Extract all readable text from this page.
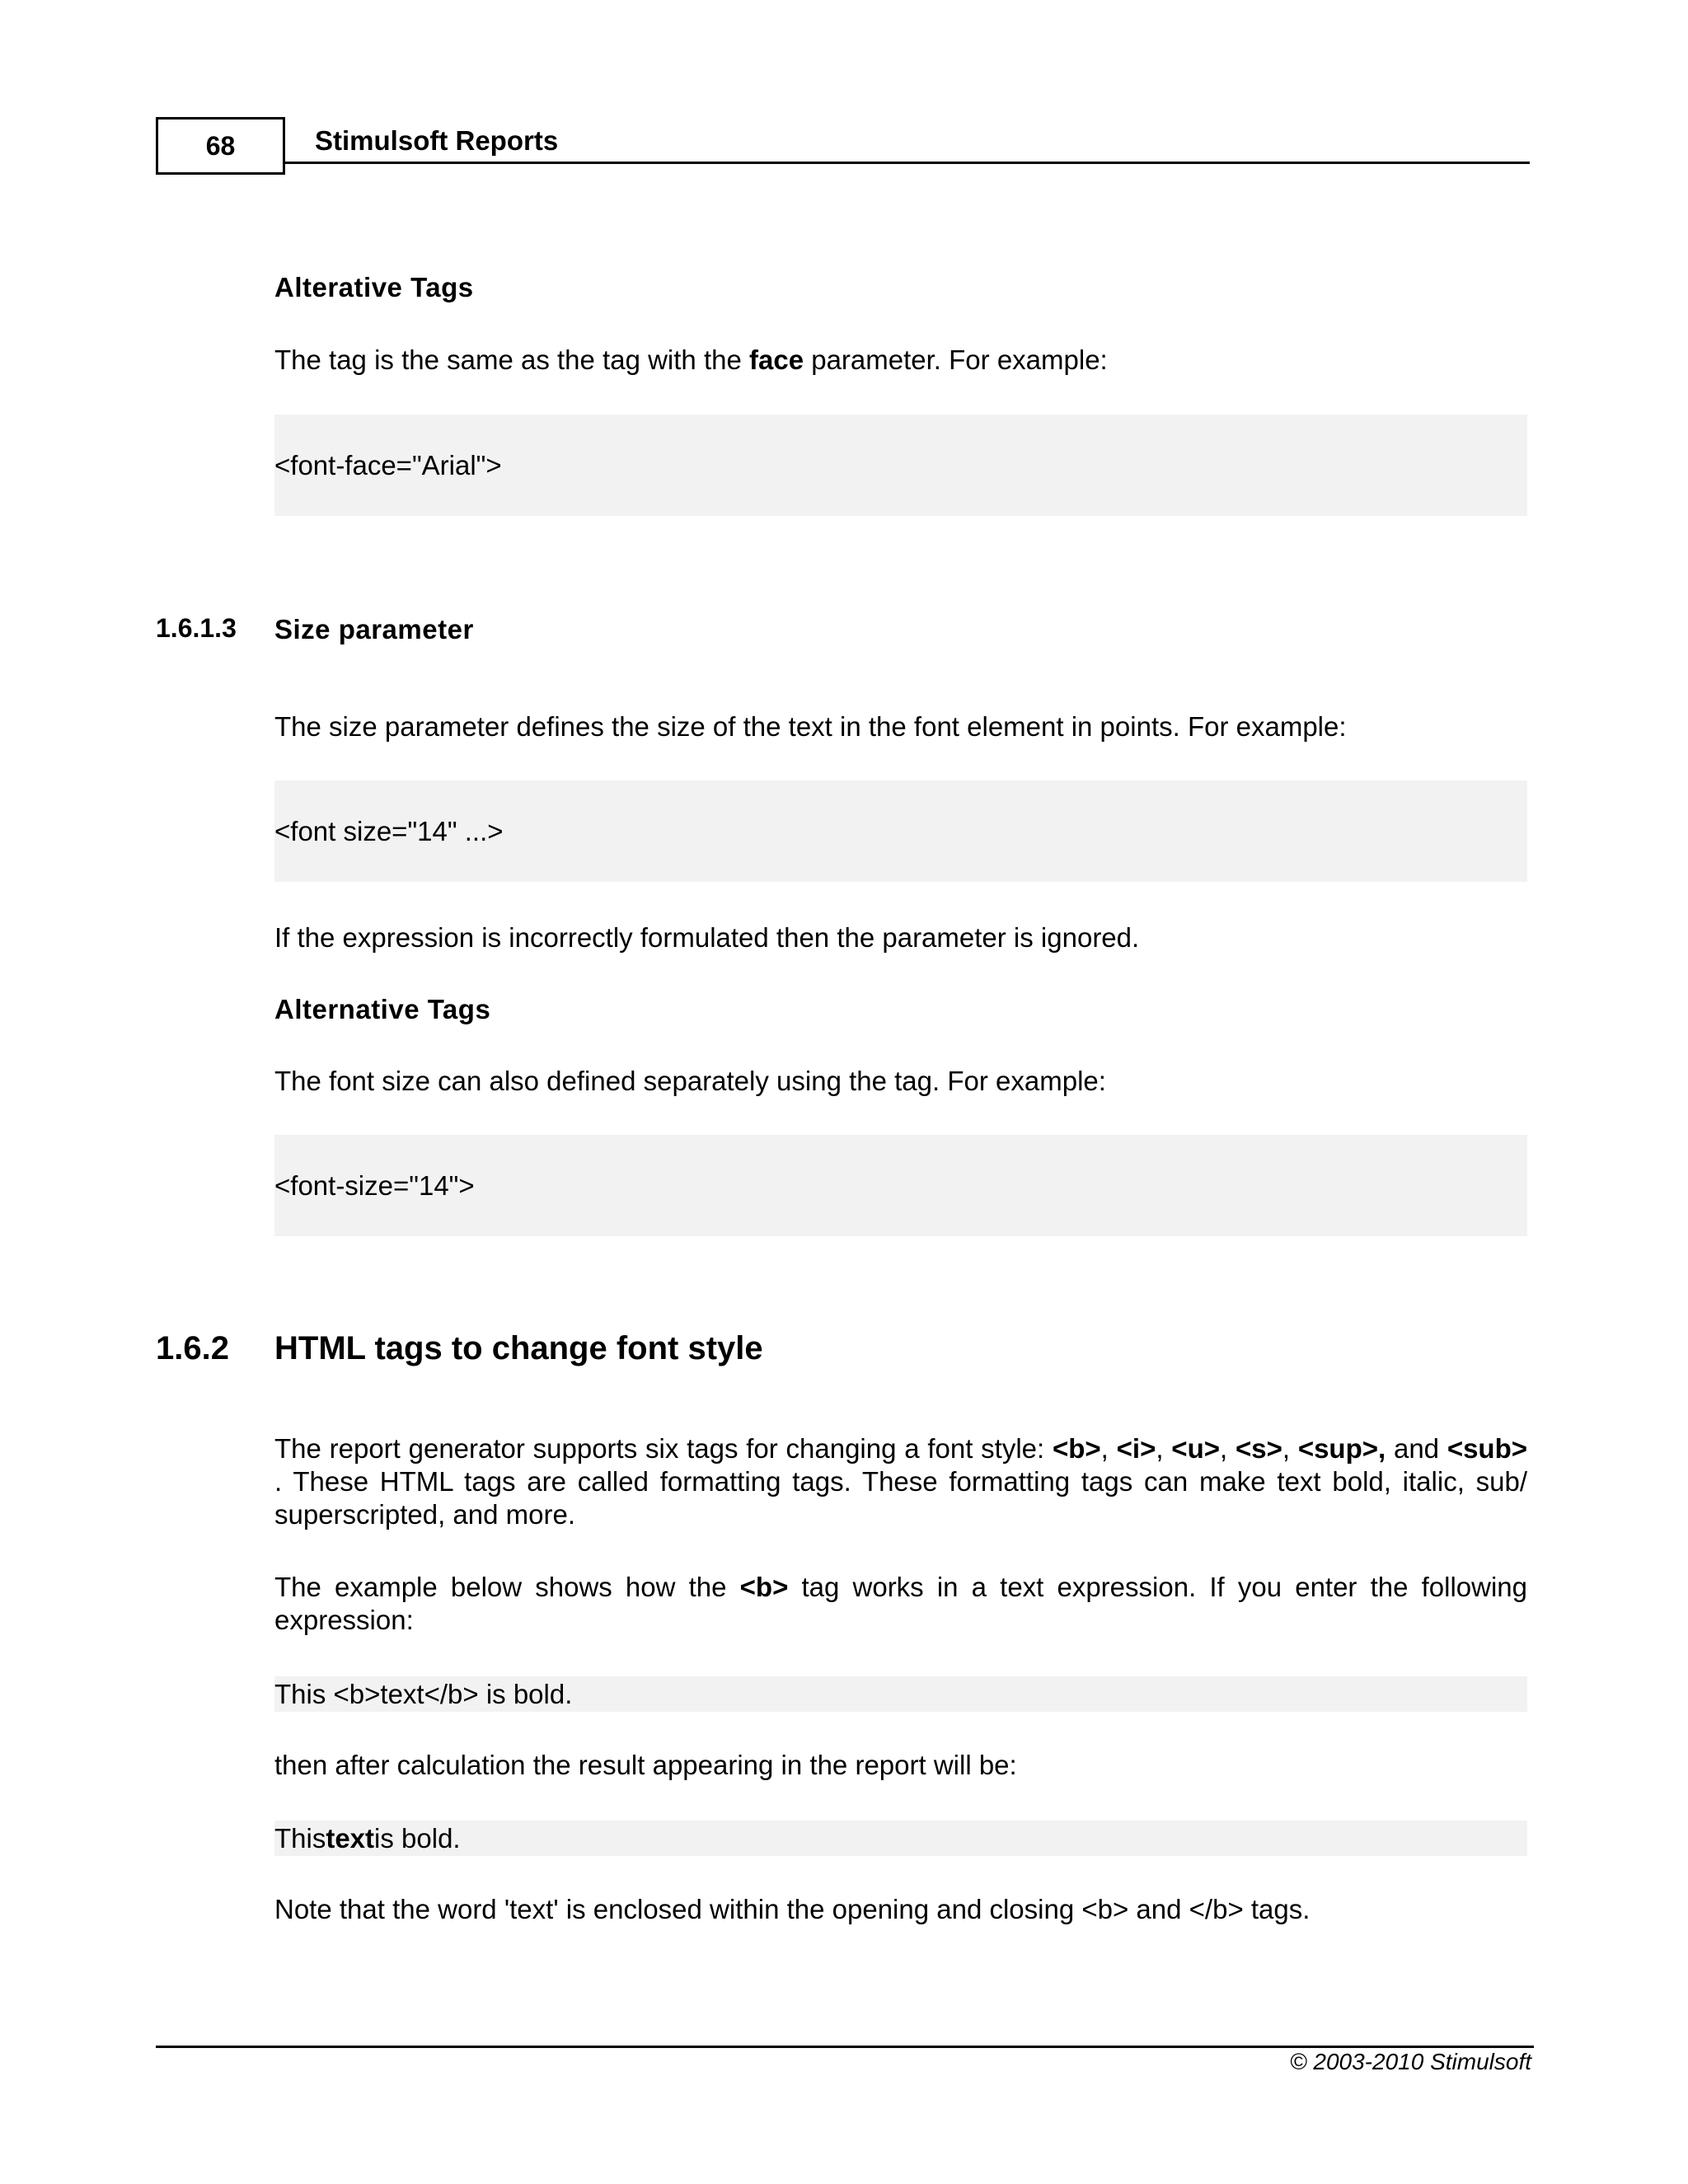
68	Stimulsoft Reports
Alterative Tags
The tag is the same as the tag with the face parameter. For example:
<font-face="Arial">
1.6.1.3 Size parameter
The size parameter defines the size of the text in the font element in points. For example:
<font size="14" ...>
If the expression is incorrectly formulated then the parameter is ignored.
Alternative Tags
The font size can also defined separately using the tag. For example:
<font-size="14">
1.6.2 HTML tags to change font style
The report generator supports six tags for changing a font style: <b>, <i>, <u>, <s>, <sup>, and <sub> . These HTML tags are called formatting tags. These formatting tags can make text bold, italic, sub/ superscripted, and more.
The example below shows how the <b> tag works in a text expression. If you enter the following expression:
This <b>text</b> is bold.
then after calculation the result appearing in the report will be:
This text is bold.
Note that the word 'text' is enclosed within the opening and closing <b> and </b> tags.
© 2003-2010 Stimulsoft
